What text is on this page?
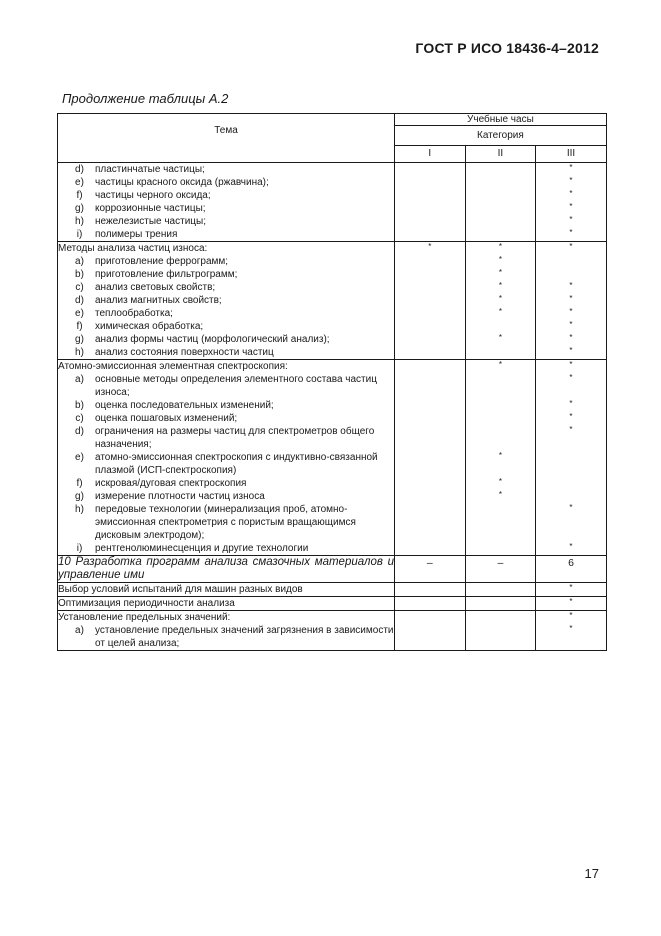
ГОСТ Р ИСО 18436-4–2012
Продолжение таблицы А.2
Тема	Учебные часы		
	Категория		
	I	II	III

d) пластинчатые частицы;			*

e) частицы красного оксида (ржавчина);			*

f) частицы черного оксида;			*

g) коррозионные частицы;			*

h) нежелезистые частицы;			*

i) полимеры трения			*

Методы анализа частиц износа:	*	*	*

a) приготовление феррограмм;		*	

b) приготовление фильтрограмм;		*	

c) анализ световых свойств;		*	*

d) анализ магнитных свойств;		*	*

e) теплообработка;		*	*

f) химическая обработка;			*

g) анализ формы частиц (морфологический анализ);		*	*

h) анализ состояния поверхности частиц			*

Атомно-эмиссионная элементная спектроскопия:		*	*

a) основные методы определения элементного состава частиц износа;			*

b) оценка последовательных изменений;			*

c) оценка пошаговых изменений;			*

d) ограничения на размеры частиц для спектрометров общего назначения;			*

e) атомно-эмиссионная спектроскопия с индуктивно-связанной плазмой (ИСП-спектроскопия)		*	

f) искровая/дуговая спектроскопия		*	

g) измерение плотности частиц износа		*	

h) передовые технологии (минерализация проб, атомно-эмиссионная спектрометрия с пористым вращающимся дисковым электродом);			*

i) рентгенолюминесценция и другие технологии			*

10 Разработка программ анализа смазочных материалов и управление ими	–	–	6

Выбор условий испытаний для машин разных видов			*

Оптимизация периодичности анализа			*

Установление предельных значений:			*

a) установление предельных значений загрязнения в зависимости от целей анализа;			*
17
